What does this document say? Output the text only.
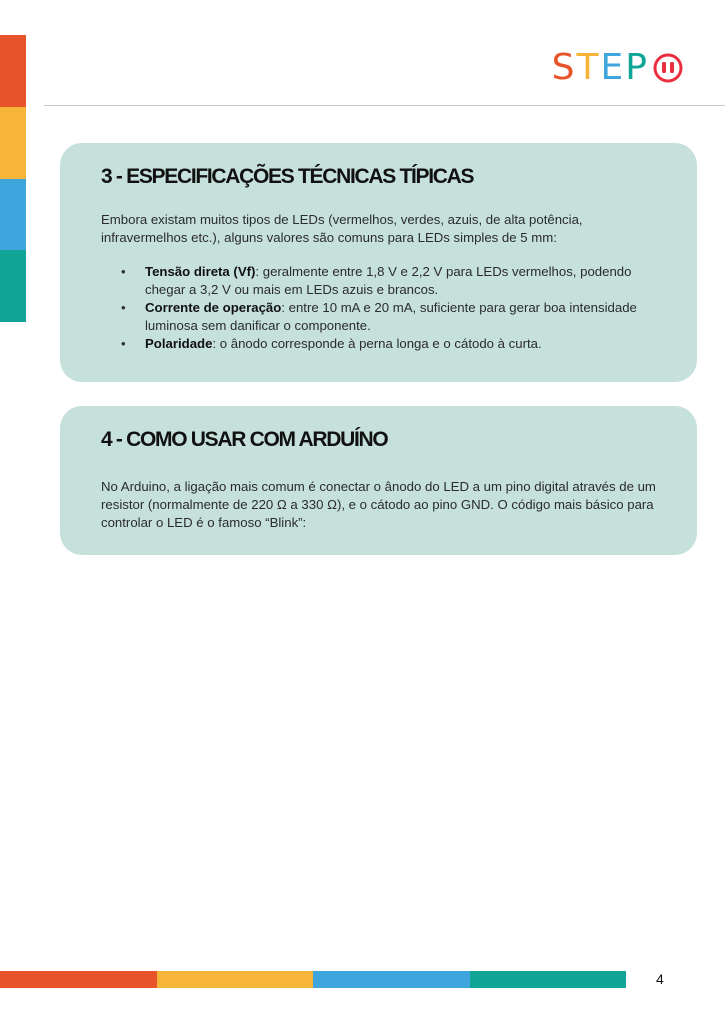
S T E P
3 - ESPECIFICAÇÕES TÉCNICAS TÍPICAS

Embora existam muitos tipos de LEDs (vermelhos, verdes, azuis, de alta potência, infravermelhos etc.), alguns valores são comuns para LEDs simples de 5 mm:

• Tensão direta (Vf): geralmente entre 1,8 V e 2,2 V para LEDs vermelhos, podendo chegar a 3,2 V ou mais em LEDs azuis e brancos.
• Corrente de operação: entre 10 mA e 20 mA, suficiente para gerar boa intensidade luminosa sem danificar o componente.
• Polaridade: o ânodo corresponde à perna longa e o cátodo à curta.
4 - COMO USAR COM ARDUÍNO

No Arduino, a ligação mais comum é conectar o ânodo do LED a um pino digital através de um resistor (normalmente de 220 Ω a 330 Ω), e o cátodo ao pino GND. O código mais básico para controlar o LED é o famoso “Blink”:

4
